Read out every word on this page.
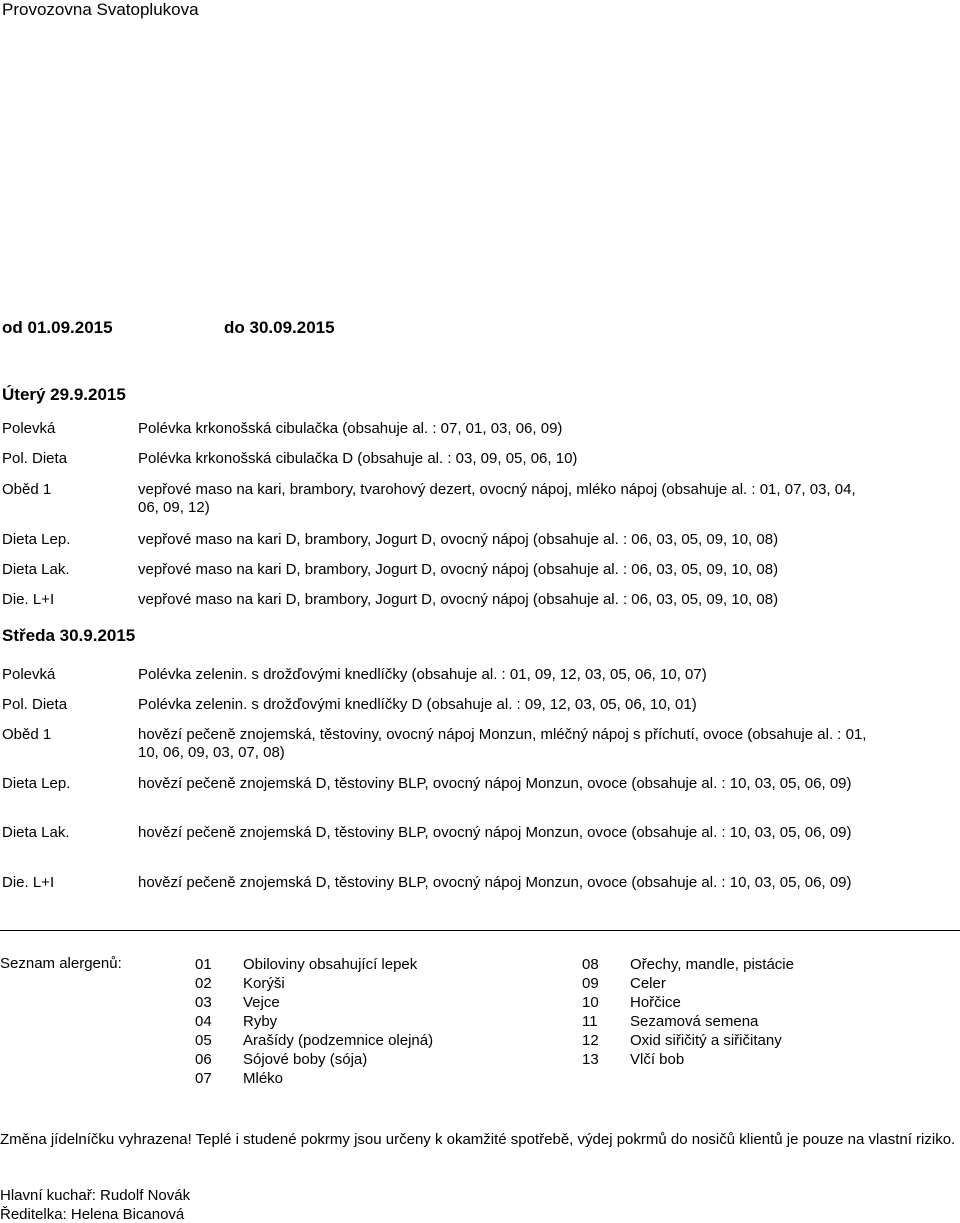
Provozovna Svatoplukova
od 01.09.2015	do 30.09.2015
Úterý 29.9.2015
Polevká	Polévka krkonošská cibulačka (obsahuje al. : 07, 01, 03, 06, 09)
Pol. Dieta	Polévka krkonošská cibulačka D (obsahuje al. : 03, 09, 05, 06, 10)
Oběd 1	vepřové maso na kari, brambory, tvarohový dezert, ovocný nápoj, mléko nápoj (obsahuje al. : 01, 07, 03, 04, 06, 09, 12)
Dieta Lep.	vepřové maso na kari D, brambory, Jogurt D, ovocný nápoj (obsahuje al. : 06, 03, 05, 09, 10, 08)
Dieta Lak.	vepřové maso na kari D, brambory, Jogurt D, ovocný nápoj (obsahuje al. : 06, 03, 05, 09, 10, 08)
Die. L+I	vepřové maso na kari D, brambory, Jogurt D, ovocný nápoj (obsahuje al. : 06, 03, 05, 09, 10, 08)
Středa 30.9.2015
Polevká	Polévka zelenin. s drožďovými knedlíčky (obsahuje al. : 01, 09, 12, 03, 05, 06, 10, 07)
Pol. Dieta	Polévka zelenin. s drožďovými knedlíčky D (obsahuje al. : 09, 12, 03, 05, 06, 10, 01)
Oběd 1	hovězí pečeně znojemská, těstoviny, ovocný nápoj Monzun, mléčný nápoj s příchutí, ovoce (obsahuje al. : 01, 10, 06, 09, 03, 07, 08)
Dieta Lep.	hovězí pečeně znojemská D, těstoviny BLP, ovocný nápoj Monzun, ovoce (obsahuje al. : 10, 03, 05, 06, 09)
Dieta Lak.	hovězí pečeně znojemská D, těstoviny BLP, ovocný nápoj Monzun, ovoce (obsahuje al. : 10, 03, 05, 06, 09)
Die. L+I	hovězí pečeně znojemská D, těstoviny BLP, ovocný nápoj Monzun, ovoce (obsahuje al. : 10, 03, 05, 06, 09)
Seznam alergenů:	01 Obiloviny obsahující lepek
02 Korýši
03 Vejce
04 Ryby
05 Arašídy (podzemnice olejná)
06 Sójové boby (sója)
07 Mléko
08 Ořechy, mandle, pistácie
09 Celer
10 Hořčice
11 Sezamová semena
12 Oxid siřičitý a siřičitany
13 Vlčí bob
Změna jídelníčku vyhrazena! Teplé i studené pokrmy jsou určeny k okamžité spotřebě, výdej pokrmů do nosičů klientů je pouze na vlastní riziko.
Hlavní kuchař: Rudolf Novák
Ředitelka: Helena Bicanová
